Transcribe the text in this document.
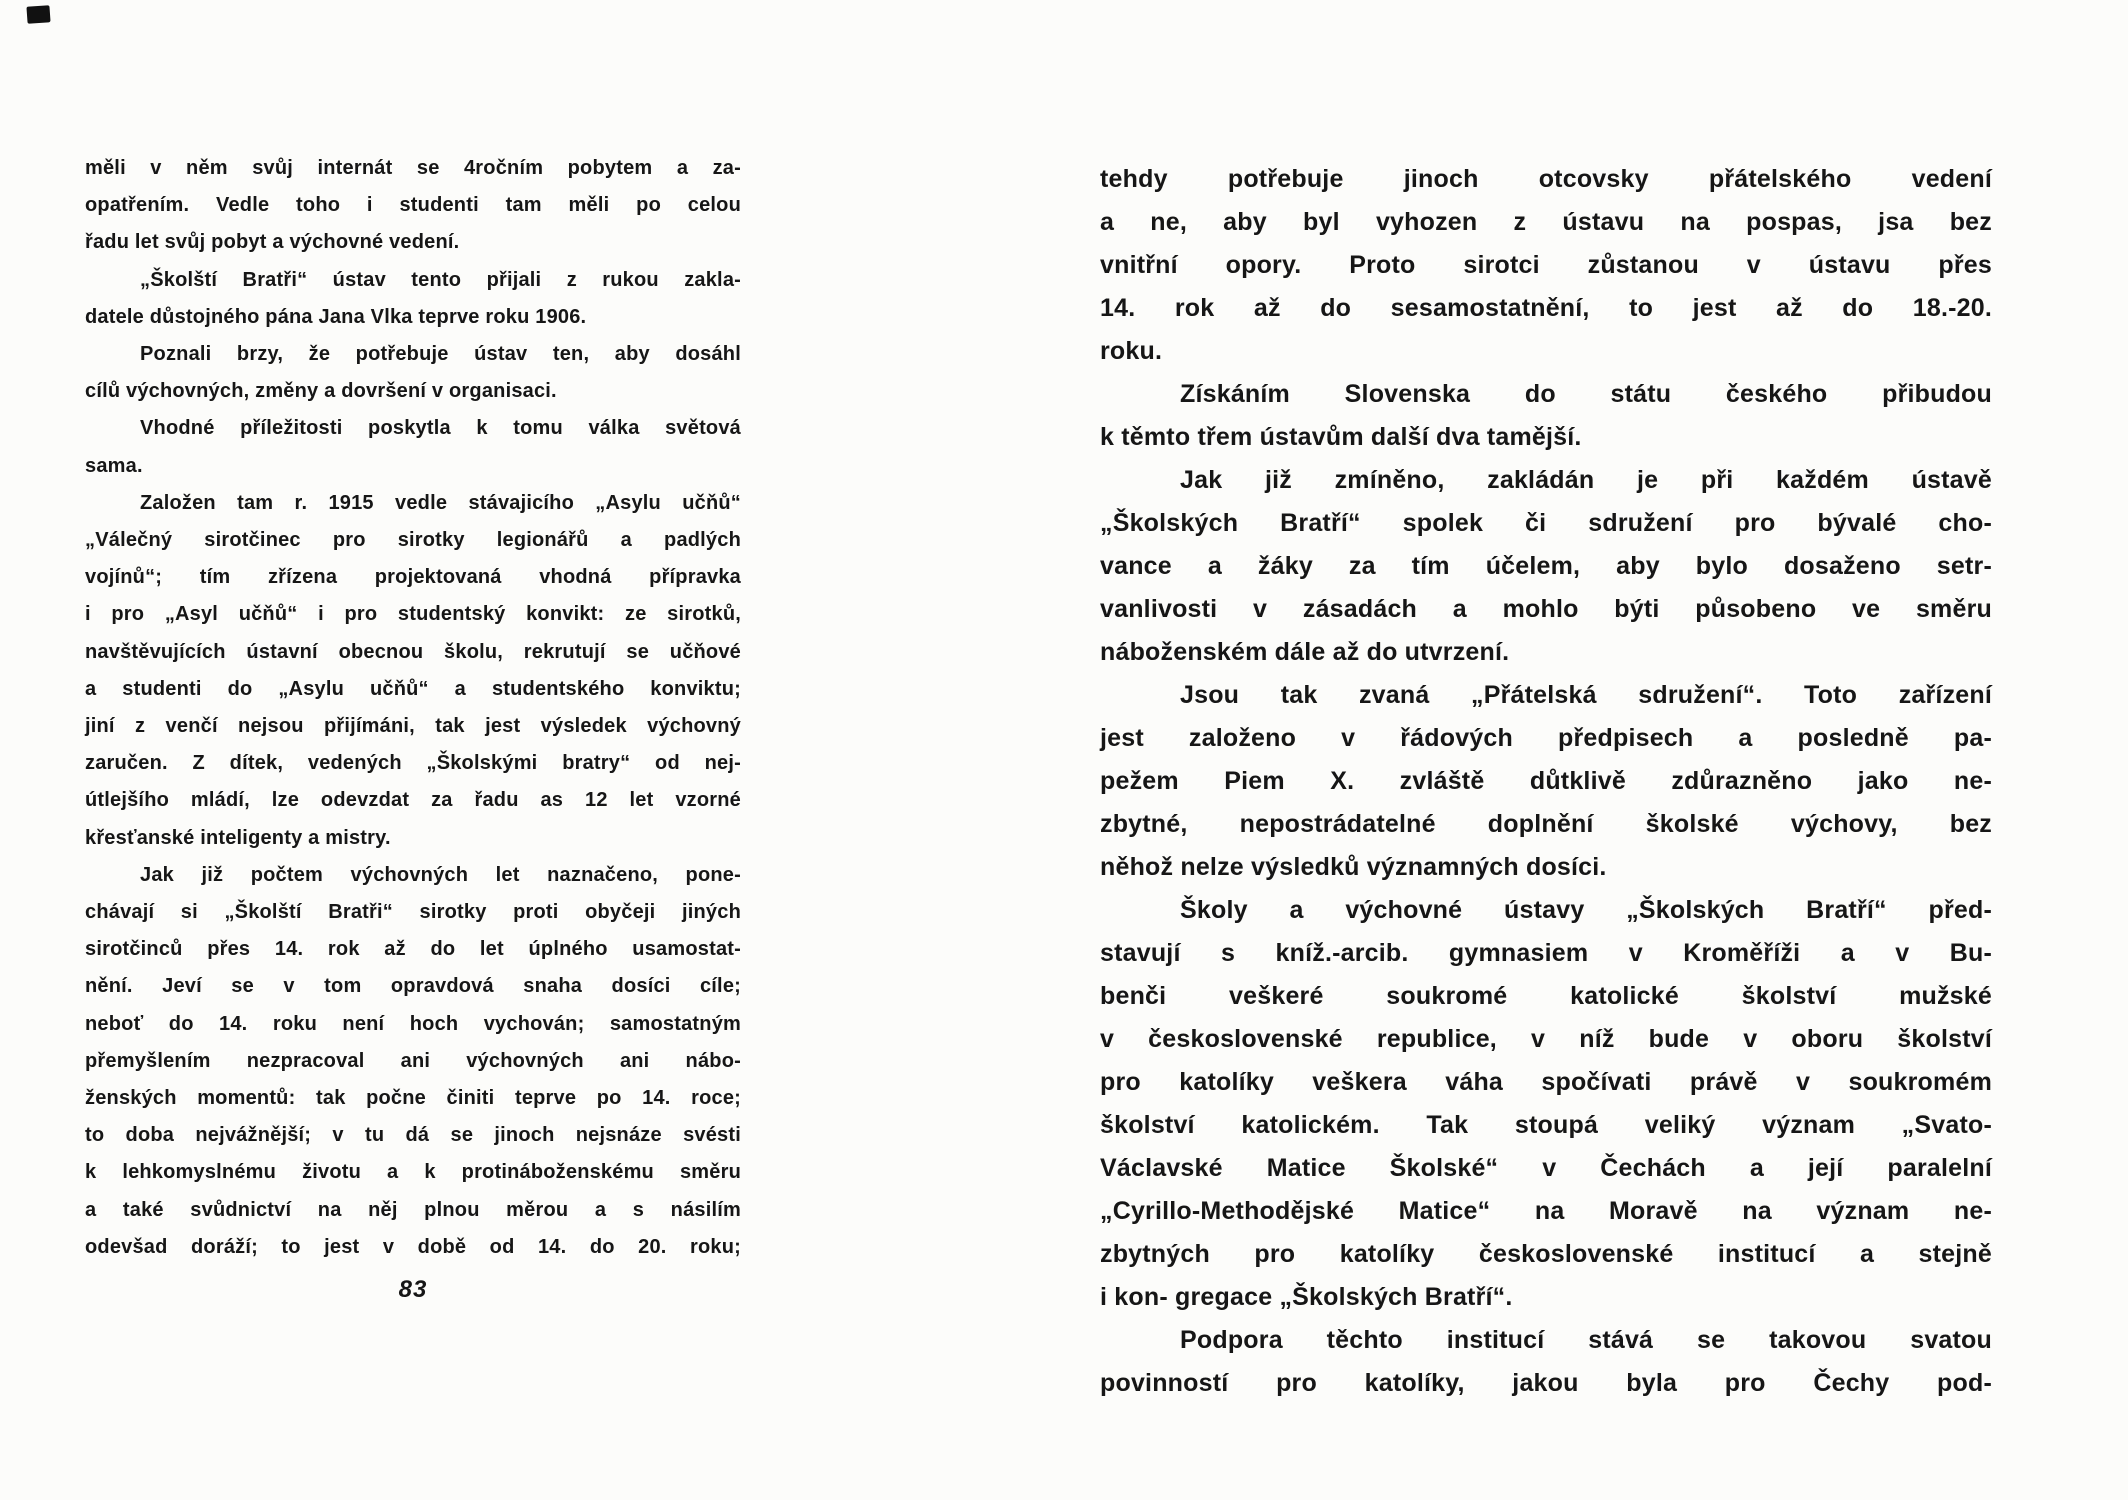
měli v něm svůj internát se 4ročním pobytem a za-
opatřením. Vedle toho i studenti tam měli po celou
řadu let svůj pobyt a výchovné vedení.
„Školští Bratři“ ústav tento přijali z rukou zakla-
datele důstojného pána Jana Vlka teprve roku 1906.
Poznali brzy, že potřebuje ústav ten, aby dosáhl
cílů výchovných, změny a dovršení v organisaci.
Vhodné příležitosti poskytla k tomu válka světová
sama.
Založen tam r. 1915 vedle stávajicího „Asylu učňů“
„Válečný sirotčinec pro sirotky legionářů a padlých
vojínů“; tím zřízena projektovaná vhodná přípravka
i pro „Asyl učňů“ i pro studentský konvikt: ze sirotků,
navštěvujících ústavní obecnou školu, rekrutují se učňové
a studenti do „Asylu učňů“ a studentského konviktu;
jiní z venčí nejsou přijímáni, tak jest výsledek výchovný
zaručen. Z dítek, vedených „Školskými bratry“ od nej-
útlejšího mládí, lze odevzdat za řadu as 12 let vzorné
křesťanské inteligenty a mistry.
Jak již počtem výchovných let naznačeno, pone-
chávají si „Školští Bratři“ sirotky proti obyčeji jiných
sirotčinců přes 14. rok až do let úplného usamostat-
nění. Jeví se v tom opravdová snaha dosíci cíle;
neboť do 14. roku není hoch vychován; samostatným
přemyšlením nezpracoval ani výchovných ani nábo-
ženských momentů: tak počne činiti teprve po 14. roce;
to doba nejvážnější; v tu dá se jinoch nejsnáze svésti
k lehkomyslnému životu a k protináboženskému směru
a také svůdnictví na něj plnou měrou a s násilím
odevšad doráží; to jest v době od 14. do 20. roku;
83
tehdy potřebuje jinoch otcovsky přátelského vedení
a ne, aby byl vyhozen z ústavu na pospas, jsa bez
vnitřní opory. Proto sirotci zůstanou v ústavu přes
14. rok až do sesamostatnění, to jest až do 18.-20.
roku.
Získáním Slovenska do státu českého přibudou
k těmto třem ústavům další dva tamější.
Jak již zmíněno, zakládán je při každém ústavě
„Školských Bratří“ spolek či sdružení pro bývalé cho-
vance a žáky za tím účelem, aby bylo dosaženo setr-
vanlivosti v zásadách a mohlo býti působeno ve směru
náboženském dále až do utvrzení.
Jsou tak zvaná „Přátelská sdružení“. Toto zařízení
jest založeno v řádových předpisech a posledně pa-
pežem Piem X. zvláště důtklivě zdůrazněno jako ne-
zbytné, nepostrádatelné doplnění školské výchovy, bez
něhož nelze výsledků významných dosíci.
Školy a výchovné ústavy „Školských Bratří“ před-
stavují s kníž.-arcib. gymnasiem v Kroměříži a v Bu-
benči veškeré soukromé katolické školství mužské
v československé republice, v níž bude v oboru školství
pro katolíky veškera váha spočívati právě v soukromém
školství katolickém. Tak stoupá veliký význam „Svato-
Václavské Matice Školské“ v Čechách a její paralelní
„Cyrillo-Methodějské Matice“ na Moravě na význam ne-
zbytných pro katolíky československé institucí a stejně
i kon- gregace „Školských Bratří“.
Podpora těchto institucí stává se takovou svatou
povinností pro katolíky, jakou byla pro Čechy pod-
